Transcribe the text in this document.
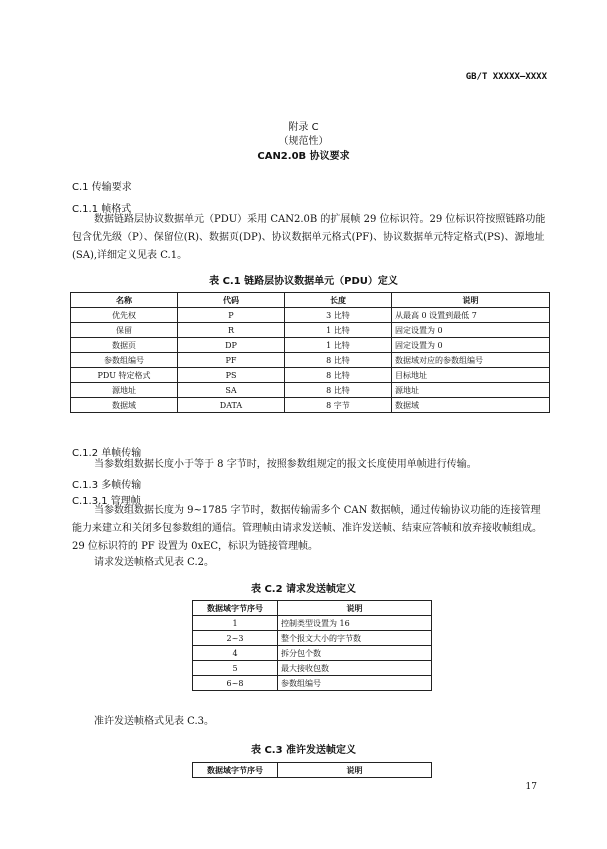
GB/T XXXXX—XXXX
附录 C
（规范性）
CAN2.0B 协议要求
C.1 传输要求
C.1.1 帧格式
数据链路层协议数据单元（PDU）采用 CAN2.0B 的扩展帧 29 位标识符。29 位标识符按照链路功能包含优先级（P）、保留位(R)、数据页(DP)、协议数据单元格式(PF)、协议数据单元特定格式(PS)、源地址(SA),详细定义见表 C.1。
表 C.1 链路层协议数据单元（PDU）定义
名称	代码	长度	说明
优先权	P	3 比特	从最高 0 设置到最低 7
保留	R	1 比特	固定设置为 0
数据页	DP	1 比特	固定设置为 0
参数组编号	PF	8 比特	数据域对应的参数组编号
PDU 特定格式	PS	8 比特	目标地址
源地址	SA	8 比特	源地址
数据域	DATA	8 字节	数据域
C.1.2 单帧传输
当参数组数据长度小于等于 8 字节时，按照参数组规定的报文长度使用单帧进行传输。
C.1.3 多帧传输
C.1.3.1 管理帧
当参数组数据长度为 9~1785 字节时，数据传输需多个 CAN 数据帧，通过传输协议功能的连接管理能力来建立和关闭多包参数组的通信。管理帧由请求发送帧、准许发送帧、结束应答帧和放弃接收帧组成。29 位标识符的 PF 设置为 0xEC，标识为链接管理帧。
请求发送帧格式见表 C.2。
表 C.2 请求发送帧定义
数据域字节序号	说明
1	控制类型设置为 16
2~3	整个报文大小的字节数
4	拆分包个数
5	最大接收包数
6~8	参数组编号
准许发送帧格式见表 C.3。
表 C.3 准许发送帧定义
数据域字节序号	说明
17
